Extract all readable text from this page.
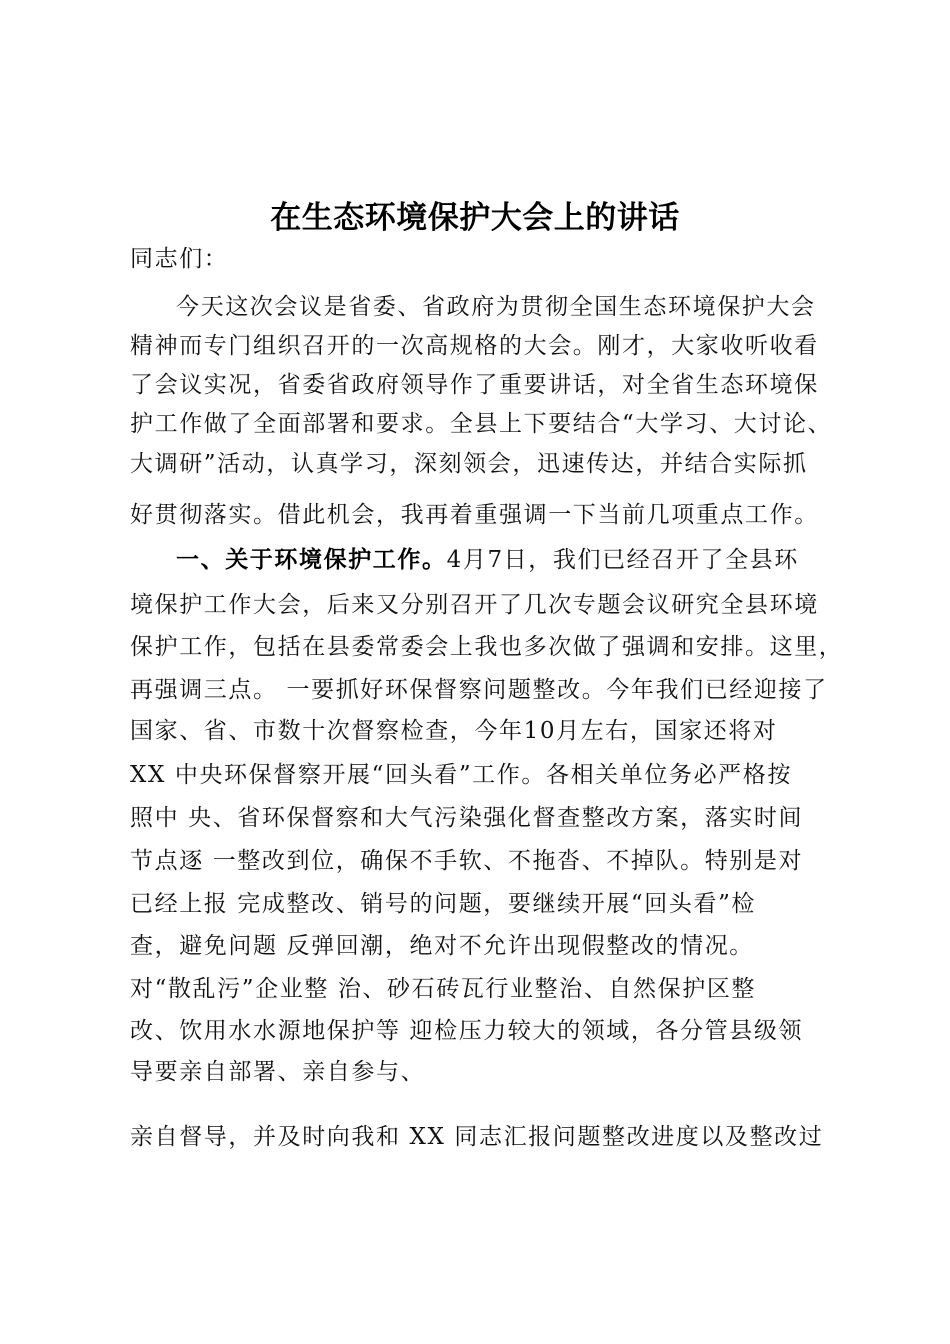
在生态环境保护大会上的讲话
同志们：
今天这次会议是省委、省政府为贯彻全国生态环境保护大会
精神而专门组织召开的一次高规格的大会。刚才，大家收听收看
了会议实况，省委省政府领导作了重要讲话，对全省生态环境保
护工作做了全面部署和要求。全县上下要结合“大学习、大讨论、
大调研”活动，认真学习，深刻领会，迅速传达，并结合实际抓
好贯彻落实。借此机会，我再着重强调一下当前几项重点工作。
一、关于环境保护工作。4月7日，我们已经召开了全县环
境保护工作大会，后来又分别召开了几次专题会议研究全县环境
保护工作，包括在县委常委会上我也多次做了强调和安排。这里，
再强调三点。 一要抓好环保督察问题整改。今年我们已经迎接了
国家、省、市数十次督察检查，今年10月左右，国家还将对
XX 中央环保督察开展“回头看”工作。各相关单位务必严格按
照中 央、省环保督察和大气污染强化督查整改方案，落实时间
节点逐 一整改到位，确保不手软、不拖沓、不掉队。特别是对
已经上报 完成整改、销号的问题，要继续开展“回头看”检
查，避免问题 反弹回潮，绝对不允许出现假整改的情况。
对“散乱污”企业整 治、砂石砖瓦行业整治、自然保护区整
改、饮用水水源地保护等 迎检压力较大的领域，各分管县级领
导要亲自部署、亲自参与、
亲自督导，并及时向我和 XX 同志汇报问题整改进度以及整改过
